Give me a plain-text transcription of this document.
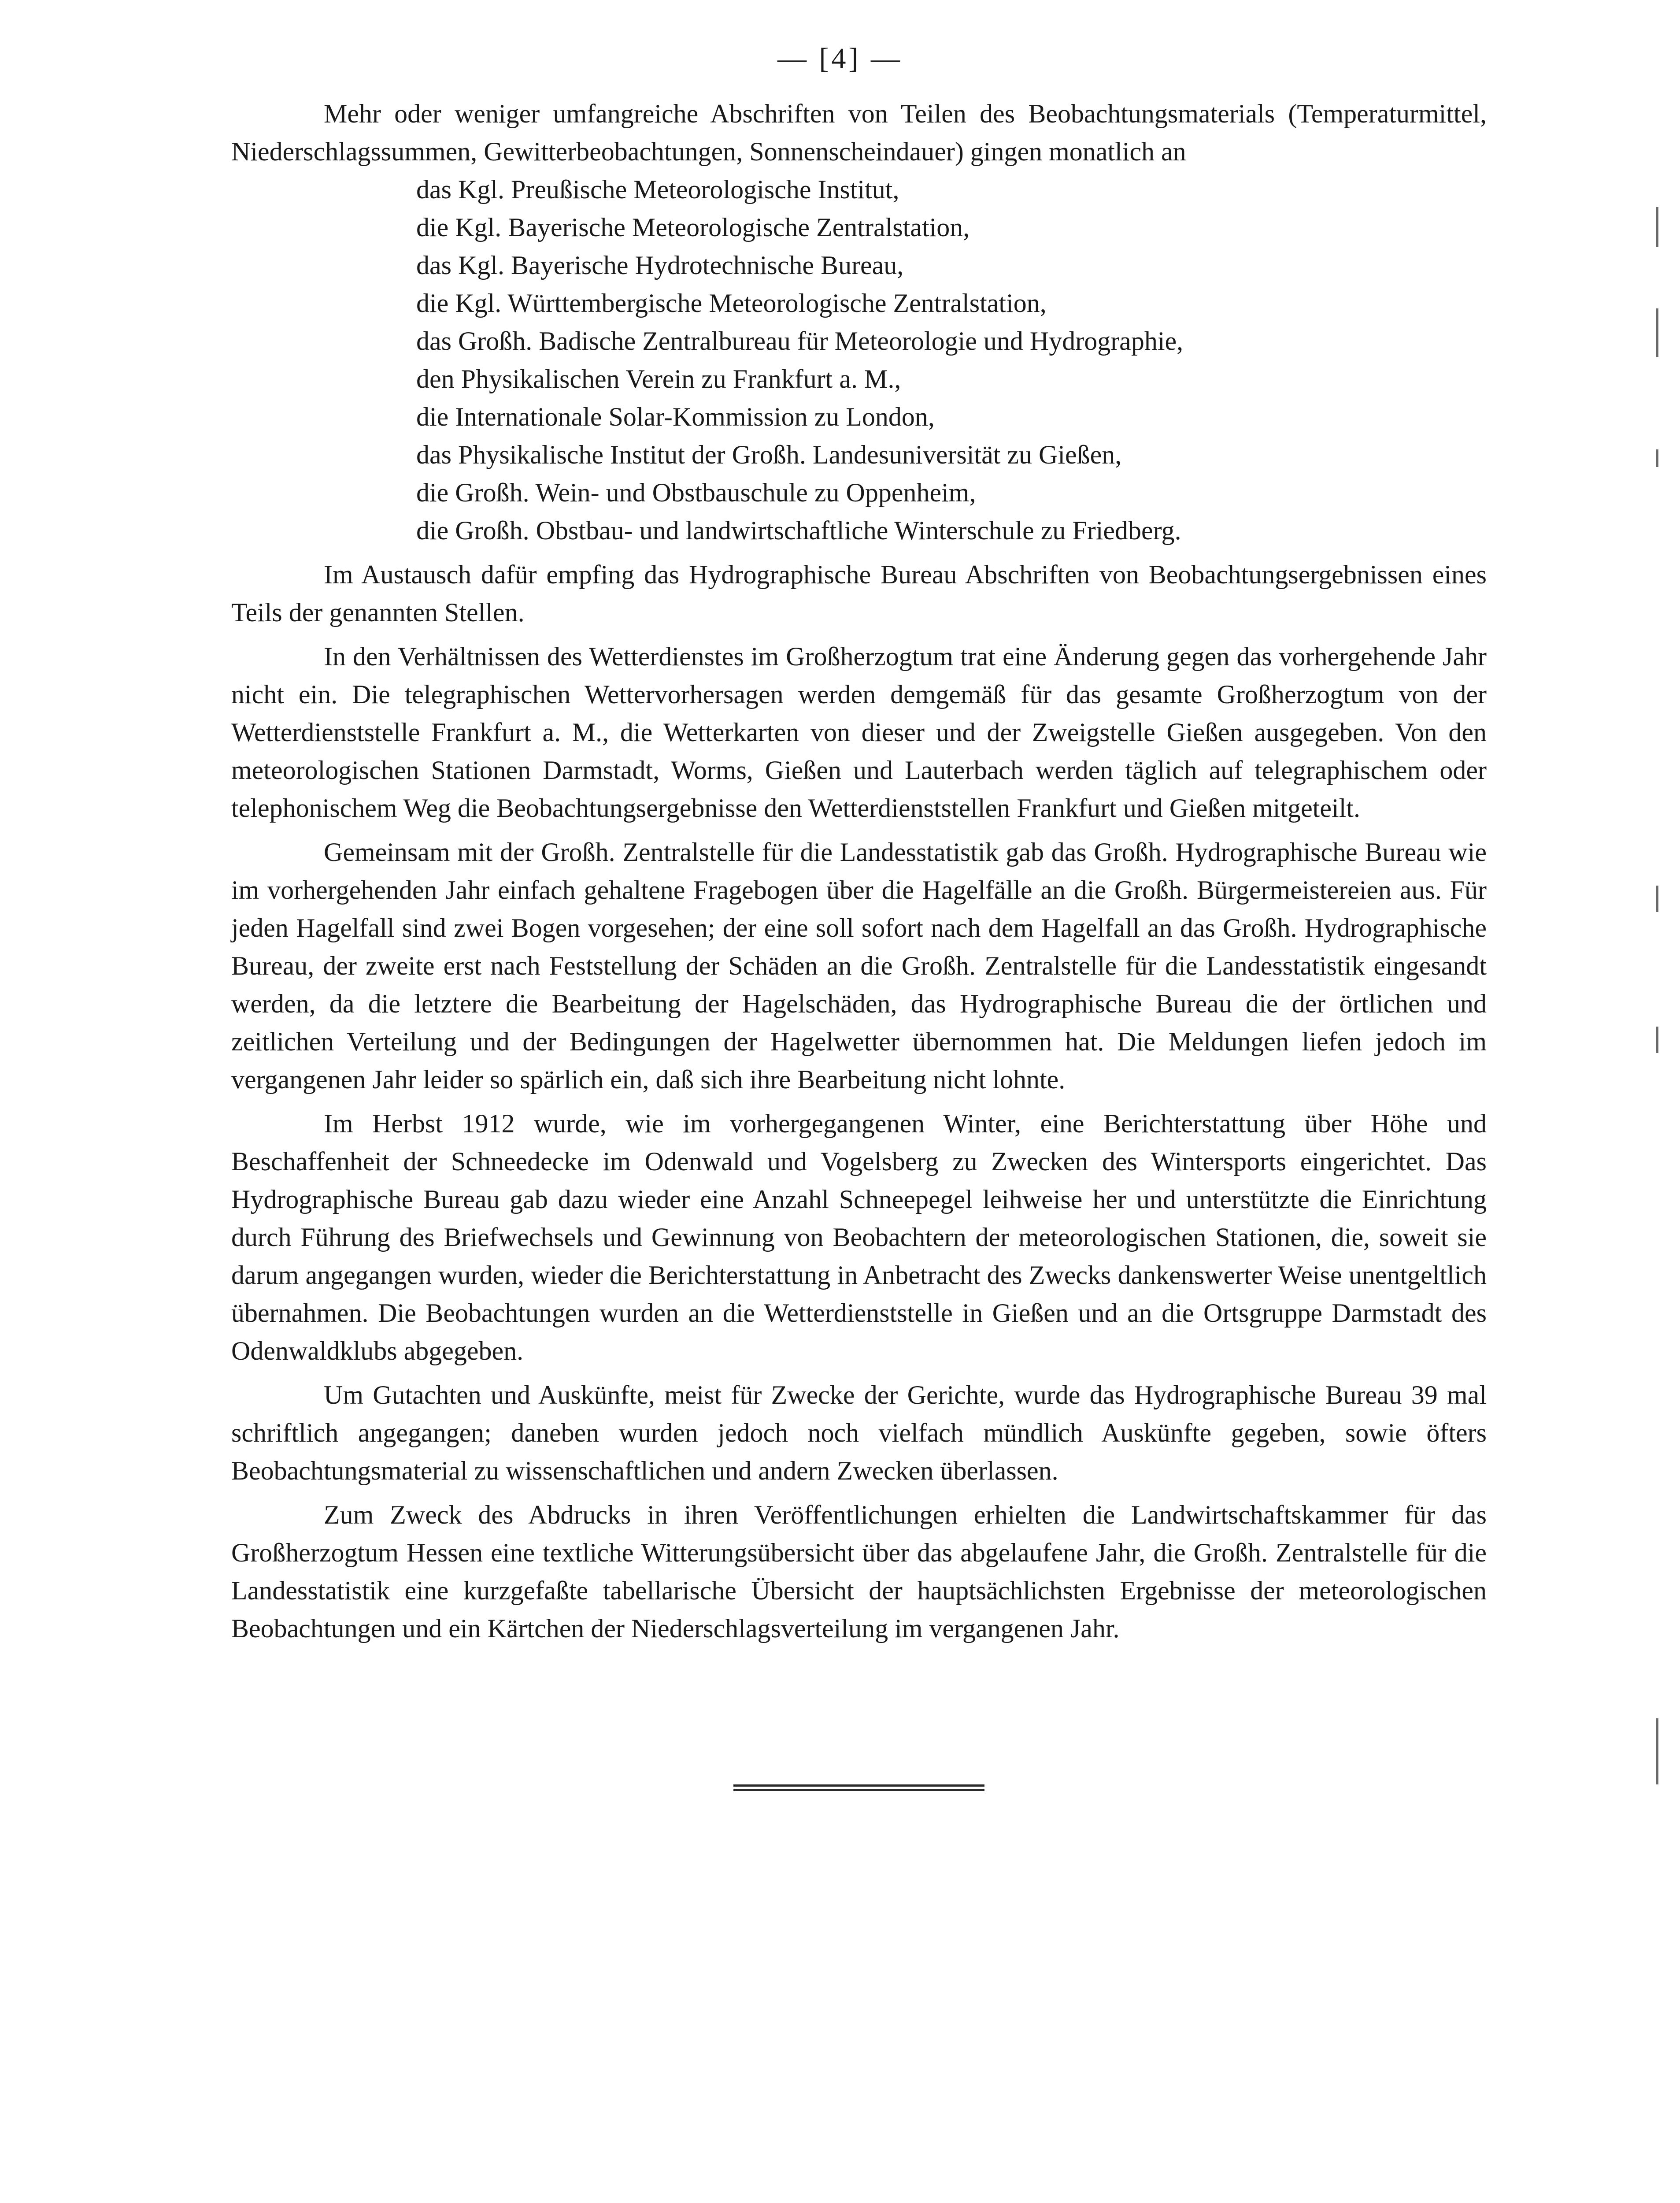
— [4] —

Mehr oder weniger umfangreiche Abschriften von Teilen des Beobachtungsmaterials (Temperaturmittel, Niederschlagssummen, Gewitterbeobachtungen, Sonnenscheindauer) gingen monatlich an

das Kgl. Preußische Meteorologische Institut,
die Kgl. Bayerische Meteorologische Zentralstation,
das Kgl. Bayerische Hydrotechnische Bureau,
die Kgl. Württembergische Meteorologische Zentralstation,
das Großh. Badische Zentralbureau für Meteorologie und Hydrographie,
den Physikalischen Verein zu Frankfurt a. M.,
die Internationale Solar-Kommission zu London,
das Physikalische Institut der Großh. Landesuniversität zu Gießen,
die Großh. Wein- und Obstbauschule zu Oppenheim,
die Großh. Obstbau- und landwirtschaftliche Winterschule zu Friedberg.

Im Austausch dafür empfing das Hydrographische Bureau Abschriften von Beobachtungsergebnissen eines Teils der genannten Stellen.

In den Verhältnissen des Wetterdienstes im Großherzogtum trat eine Änderung gegen das vorhergehende Jahr nicht ein. Die telegraphischen Wettervorhersagen werden demgemäß für das gesamte Großherzogtum von der Wetterdienststelle Frankfurt a. M., die Wetterkarten von dieser und der Zweigstelle Gießen ausgegeben. Von den meteorologischen Stationen Darmstadt, Worms, Gießen und Lauterbach werden täglich auf telegraphischem oder telephonischem Weg die Beobachtungsergebnisse den Wetterdienststellen Frankfurt und Gießen mitgeteilt.

Gemeinsam mit der Großh. Zentralstelle für die Landesstatistik gab das Großh. Hydrographische Bureau wie im vorhergehenden Jahr einfach gehaltene Fragebogen über die Hagelfälle an die Großh. Bürgermeistereien aus. Für jeden Hagelfall sind zwei Bogen vorgesehen; der eine soll sofort nach dem Hagelfall an das Großh. Hydrographische Bureau, der zweite erst nach Feststellung der Schäden an die Großh. Zentralstelle für die Landesstatistik eingesandt werden, da die letztere die Bearbeitung der Hagelschäden, das Hydrographische Bureau die der örtlichen und zeitlichen Verteilung und der Bedingungen der Hagelwetter übernommen hat. Die Meldungen liefen jedoch im vergangenen Jahr leider so spärlich ein, daß sich ihre Bearbeitung nicht lohnte.

Im Herbst 1912 wurde, wie im vorhergegangenen Winter, eine Berichterstattung über Höhe und Beschaffenheit der Schneedecke im Odenwald und Vogelsberg zu Zwecken des Wintersports eingerichtet. Das Hydrographische Bureau gab dazu wieder eine Anzahl Schneepegel leihweise her und unterstützte die Einrichtung durch Führung des Briefwechsels und Gewinnung von Beobachtern der meteorologischen Stationen, die, soweit sie darum angegangen wurden, wieder die Berichterstattung in Anbetracht des Zwecks dankenswerter Weise unentgeltlich übernahmen. Die Beobachtungen wurden an die Wetterdienststelle in Gießen und an die Ortsgruppe Darmstadt des Odenwaldklubs abgegeben.

Um Gutachten und Auskünfte, meist für Zwecke der Gerichte, wurde das Hydrographische Bureau 39 mal schriftlich angegangen; daneben wurden jedoch noch vielfach mündlich Auskünfte gegeben, sowie öfters Beobachtungsmaterial zu wissenschaftlichen und andern Zwecken überlassen.

Zum Zweck des Abdrucks in ihren Veröffentlichungen erhielten die Landwirtschaftskammer für das Großherzogtum Hessen eine textliche Witterungsübersicht über das abgelaufene Jahr, die Großh. Zentralstelle für die Landesstatistik eine kurzgefaßte tabellarische Übersicht der hauptsächlichsten Ergebnisse der meteorologischen Beobachtungen und ein Kärtchen der Niederschlagsverteilung im vergangenen Jahr.
